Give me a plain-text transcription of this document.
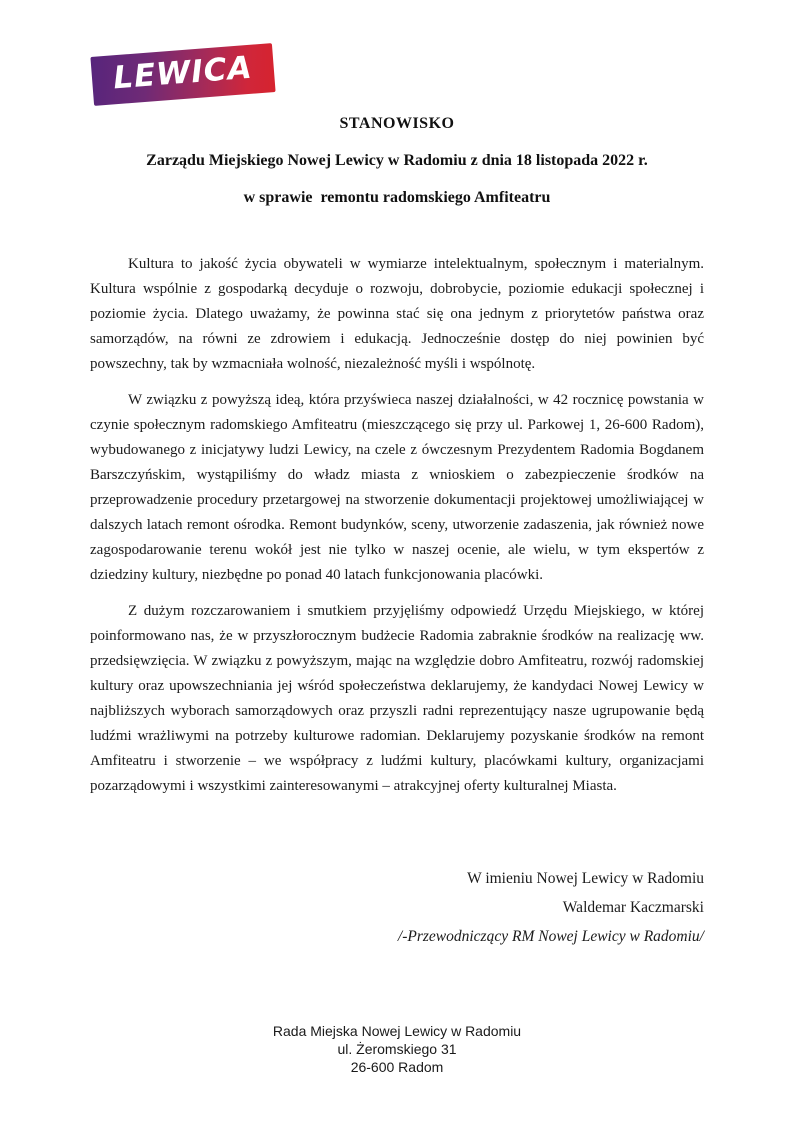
LEWICA
STANOWISKO
Zarządu Miejskiego Nowej Lewicy w Radomiu z dnia 18 listopada 2022 r.
w sprawie  remontu radomskiego Amfiteatru

Kultura to jakość życia obywateli w wymiarze intelektualnym, społecznym i materialnym. Kultura wspólnie z gospodarką decyduje o rozwoju, dobrobycie, poziomie edukacji społecznej i poziomie życia. Dlatego uważamy, że powinna stać się ona jednym z priorytetów państwa oraz samorządów, na równi ze zdrowiem i edukacją. Jednocześnie dostęp do niej powinien być powszechny, tak by wzmacniała wolność, niezależność myśli i wspólnotę.

W związku z powyższą ideą, która przyświeca naszej działalności, w 42 rocznicę powstania w czynie społecznym radomskiego Amfiteatru (mieszczącego się przy ul. Parkowej 1, 26-600 Radom), wybudowanego z inicjatywy ludzi Lewicy, na czele z ówczesnym Prezydentem Radomia Bogdanem Barszczyńskim, wystąpiliśmy do władz miasta z wnioskiem o zabezpieczenie środków na przeprowadzenie procedury przetargowej na stworzenie dokumentacji projektowej umożliwiającej w dalszych latach remont ośrodka. Remont budynków, sceny, utworzenie zadaszenia, jak również nowe zagospodarowanie terenu wokół jest nie tylko w naszej ocenie, ale wielu, w tym ekspertów z dziedziny kultury, niezbędne po ponad 40 latach funkcjonowania placówki.

Z dużym rozczarowaniem i smutkiem przyjęliśmy odpowiedź Urzędu Miejskiego, w której poinformowano nas, że w przyszłorocznym budżecie Radomia zabraknie środków na realizację ww. przedsięwzięcia. W związku z powyższym, mając na względzie dobro Amfiteatru, rozwój radomskiej kultury oraz upowszechniania jej wśród społeczeństwa deklarujemy, że kandydaci Nowej Lewicy w najbliższych wyborach samorządowych oraz przyszli radni reprezentujący nasze ugrupowanie będą ludźmi wrażliwymi na potrzeby kulturowe radomian. Deklarujemy pozyskanie środków na remont Amfiteatru i stworzenie – we współpracy z ludźmi kultury, placówkami kultury, organizacjami pozarządowymi i wszystkimi zainteresowanymi – atrakcyjnej oferty kulturalnej Miasta.

W imieniu Nowej Lewicy w Radomiu
Waldemar Kaczmarski
/-Przewodniczący RM Nowej Lewicy w Radomiu/
Rada Miejska Nowej Lewicy w Radomiu
ul. Żeromskiego 31
26-600 Radom
